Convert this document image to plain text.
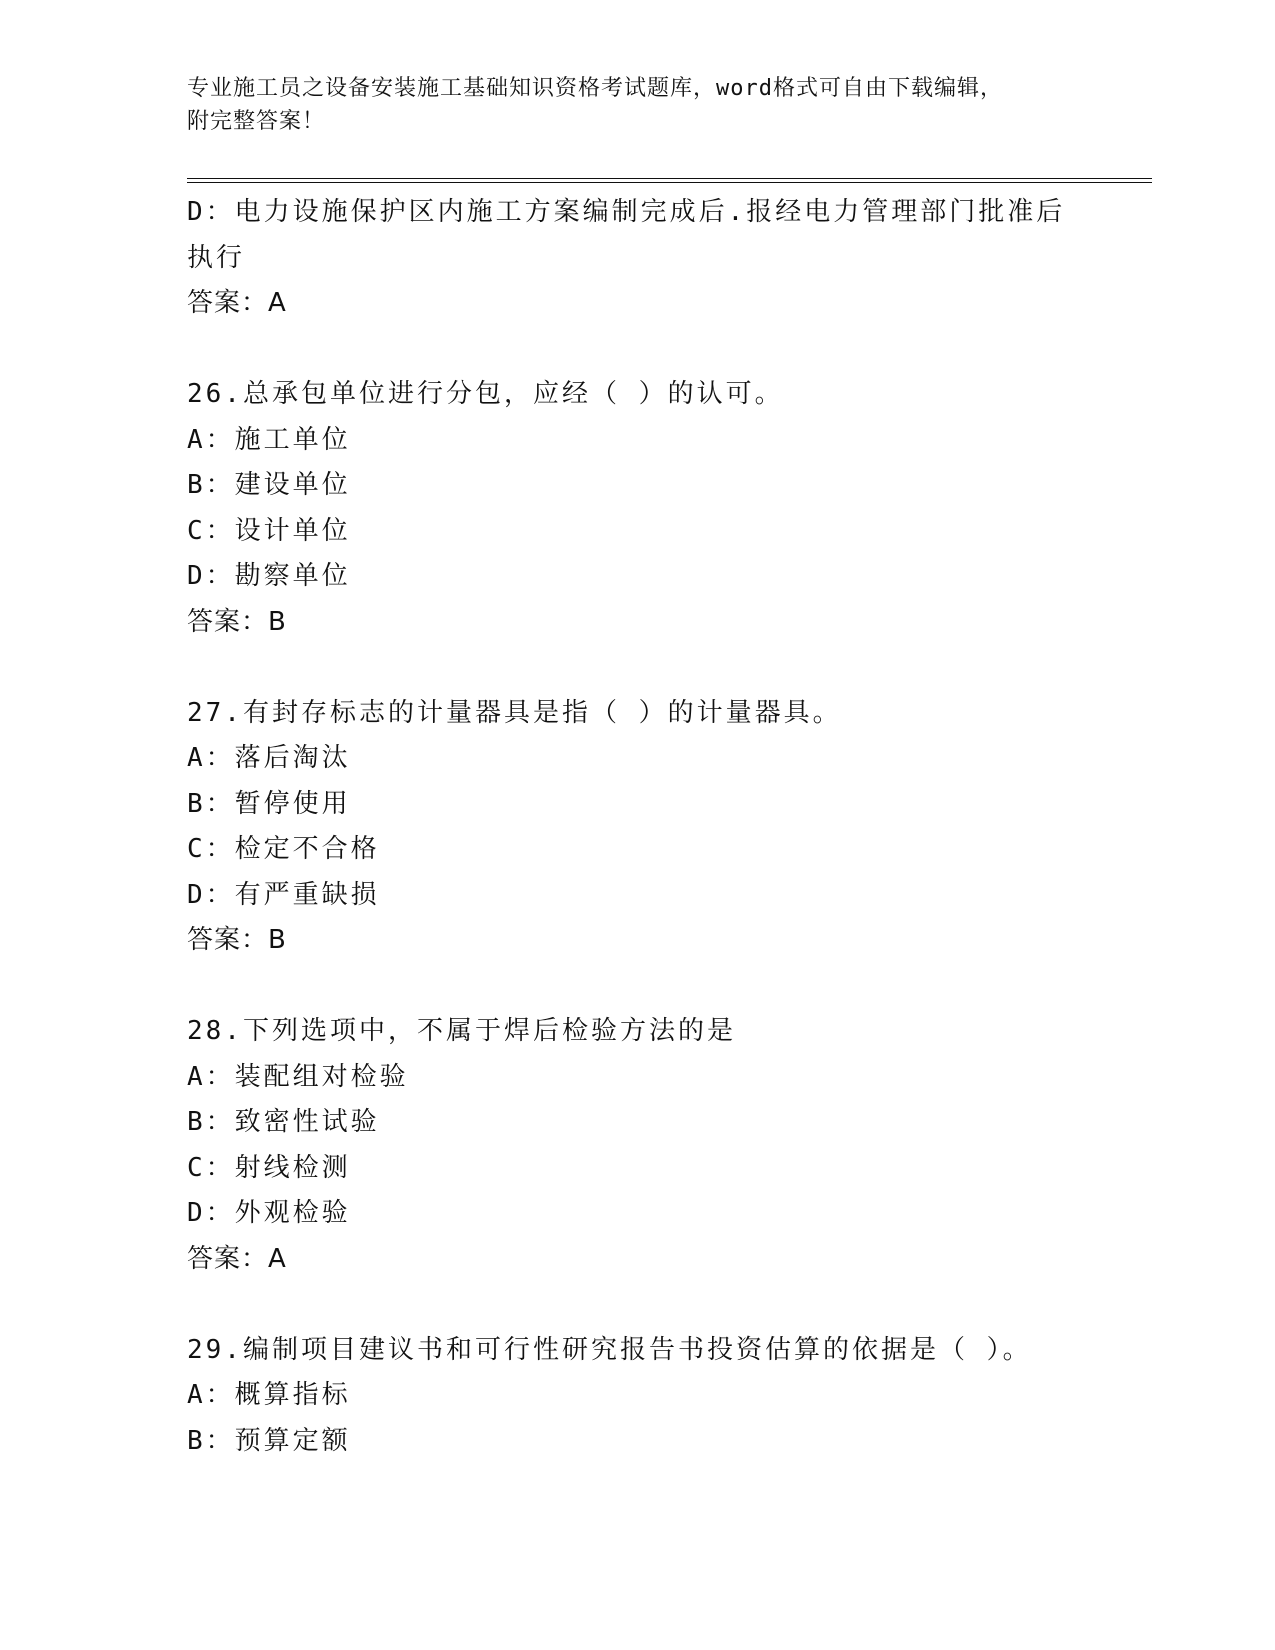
专业施工员之设备安装施工基础知识资格考试题库，word格式可自由下载编辑，
附完整答案！
D：电力设施保护区内施工方案编制完成后.报经电力管理部门批准后
执行
答案：A
26.总承包单位进行分包，应经（ ）的认可。
A：施工单位
B：建设单位
C：设计单位
D：勘察单位
答案：B
27.有封存标志的计量器具是指（ ）的计量器具。
A：落后淘汰
B：暂停使用
C：检定不合格
D：有严重缺损
答案：B
28.下列选项中，不属于焊后检验方法的是
A：装配组对检验
B：致密性试验
C：射线检测
D：外观检验
答案：A
29.编制项目建议书和可行性研究报告书投资估算的依据是（ ）。
A：概算指标
B：预算定额
